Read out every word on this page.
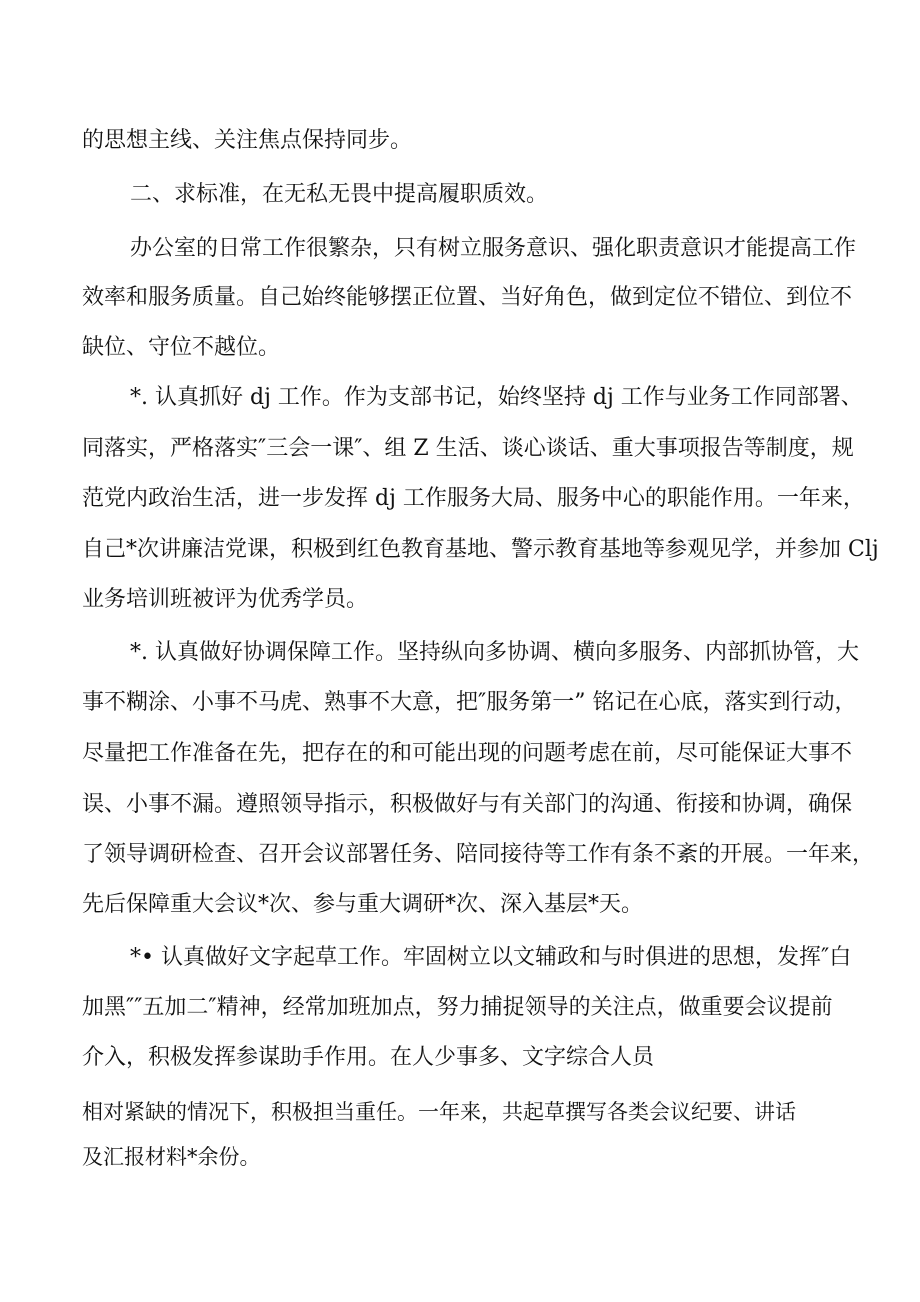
的思想主线、关注焦点保持同步。
二、求标准，在无私无畏中提高履职质效。
办公室的日常工作很繁杂，只有树立服务意识、强化职责意识才能提高工作
效率和服务质量。自己始终能够摆正位置、当好角色，做到定位不错位、到位不
缺位、守位不越位。
*. 认真抓好 dj 工作。作为支部书记，始终坚持 dj 工作与业务工作同部署、
同落实，严格落实″三会一课″、组 Z 生活、谈心谈话、重大事项报告等制度，规
范党内政治生活，进一步发挥 dj 工作服务大局、服务中心的职能作用。一年来，
自己*次讲廉洁党课，积极到红色教育基地、警示教育基地等参观见学，并参加 Clj
业务培训班被评为优秀学员。
*. 认真做好协调保障工作。坚持纵向多协调、横向多服务、内部抓协管，大
事不糊涂、小事不马虎、熟事不大意，把″服务第一” 铭记在心底，落实到行动，
尽量把工作准备在先，把存在的和可能出现的问题考虑在前，尽可能保证大事不
误、小事不漏。遵照领导指示，积极做好与有关部门的沟通、衔接和协调，确保
了领导调研检查、召开会议部署任务、陪同接待等工作有条不紊的开展。一年来，
先后保障重大会议*次、参与重大调研*次、深入基层*天。
*• 认真做好文字起草工作。牢固树立以文辅政和与时俱进的思想，发挥″白
加黑″″五加二″精神，经常加班加点，努力捕捉领导的关注点，做重要会议提前
介入，积极发挥参谋助手作用。在人少事多、文字综合人员
相对紧缺的情况下，积极担当重任。一年来，共起草撰写各类会议纪要、讲话
及汇报材料*余份。
